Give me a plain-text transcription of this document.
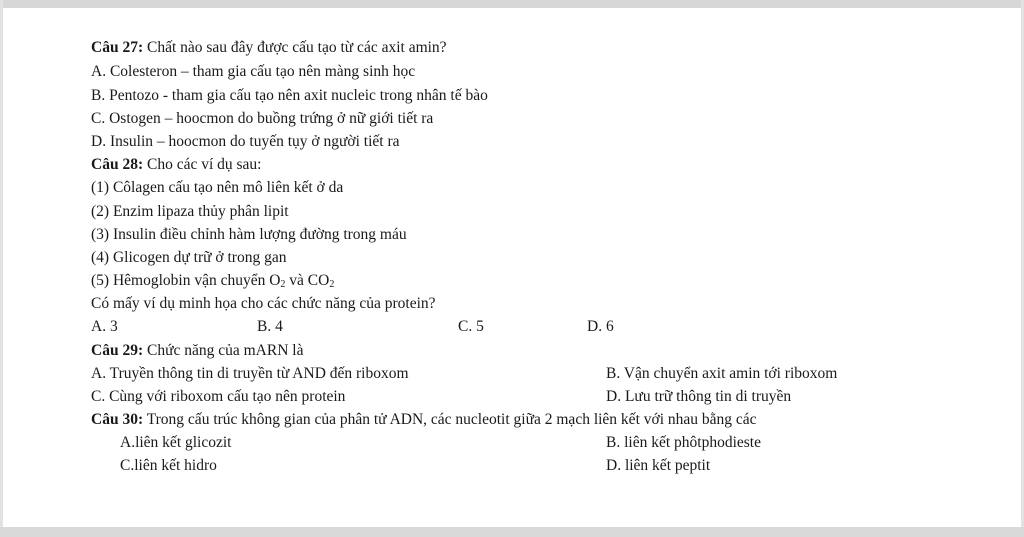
Câu 27: Chất nào sau đây được cấu tạo từ các axit amin?
A. Colesteron – tham gia cấu tạo nên màng sinh học
B. Pentozo - tham gia cấu tạo nên axit nucleic trong nhân tế bào
C. Ostogen – hoocmon do buồng trứng ở nữ giới tiết ra
D. Insulin – hoocmon do tuyến tụy ở người tiết ra
Câu 28: Cho các ví dụ sau:
(1) Côlagen cấu tạo nên mô liên kết ở da
(2) Enzim lipaza thủy phân lipit
(3) Insulin điều chỉnh hàm lượng đường trong máu
(4) Glicogen dự trữ ở trong gan
(5) Hêmoglobin vận chuyển $O_2$ và $CO_2$
Có mấy ví dụ minh họa cho các chức năng của protein?
A. 3	B. 4	C. 5	D. 6
Câu 29: Chức năng của mARN là
A. Truyền thông tin di truyền từ AND đến riboxom	B. Vận chuyển axit amin tới riboxom
C. Cùng với riboxom cấu tạo nên protein	D. Lưu trữ thông tin di truyền
Câu 30: Trong cấu trúc không gian của phân tử ADN, các nucleotit giữa 2 mạch liên kết với nhau bằng các
A.liên kết glicozit	B. liên kết phôtphodieste
C.liên kết hidro	D. liên kết peptit
